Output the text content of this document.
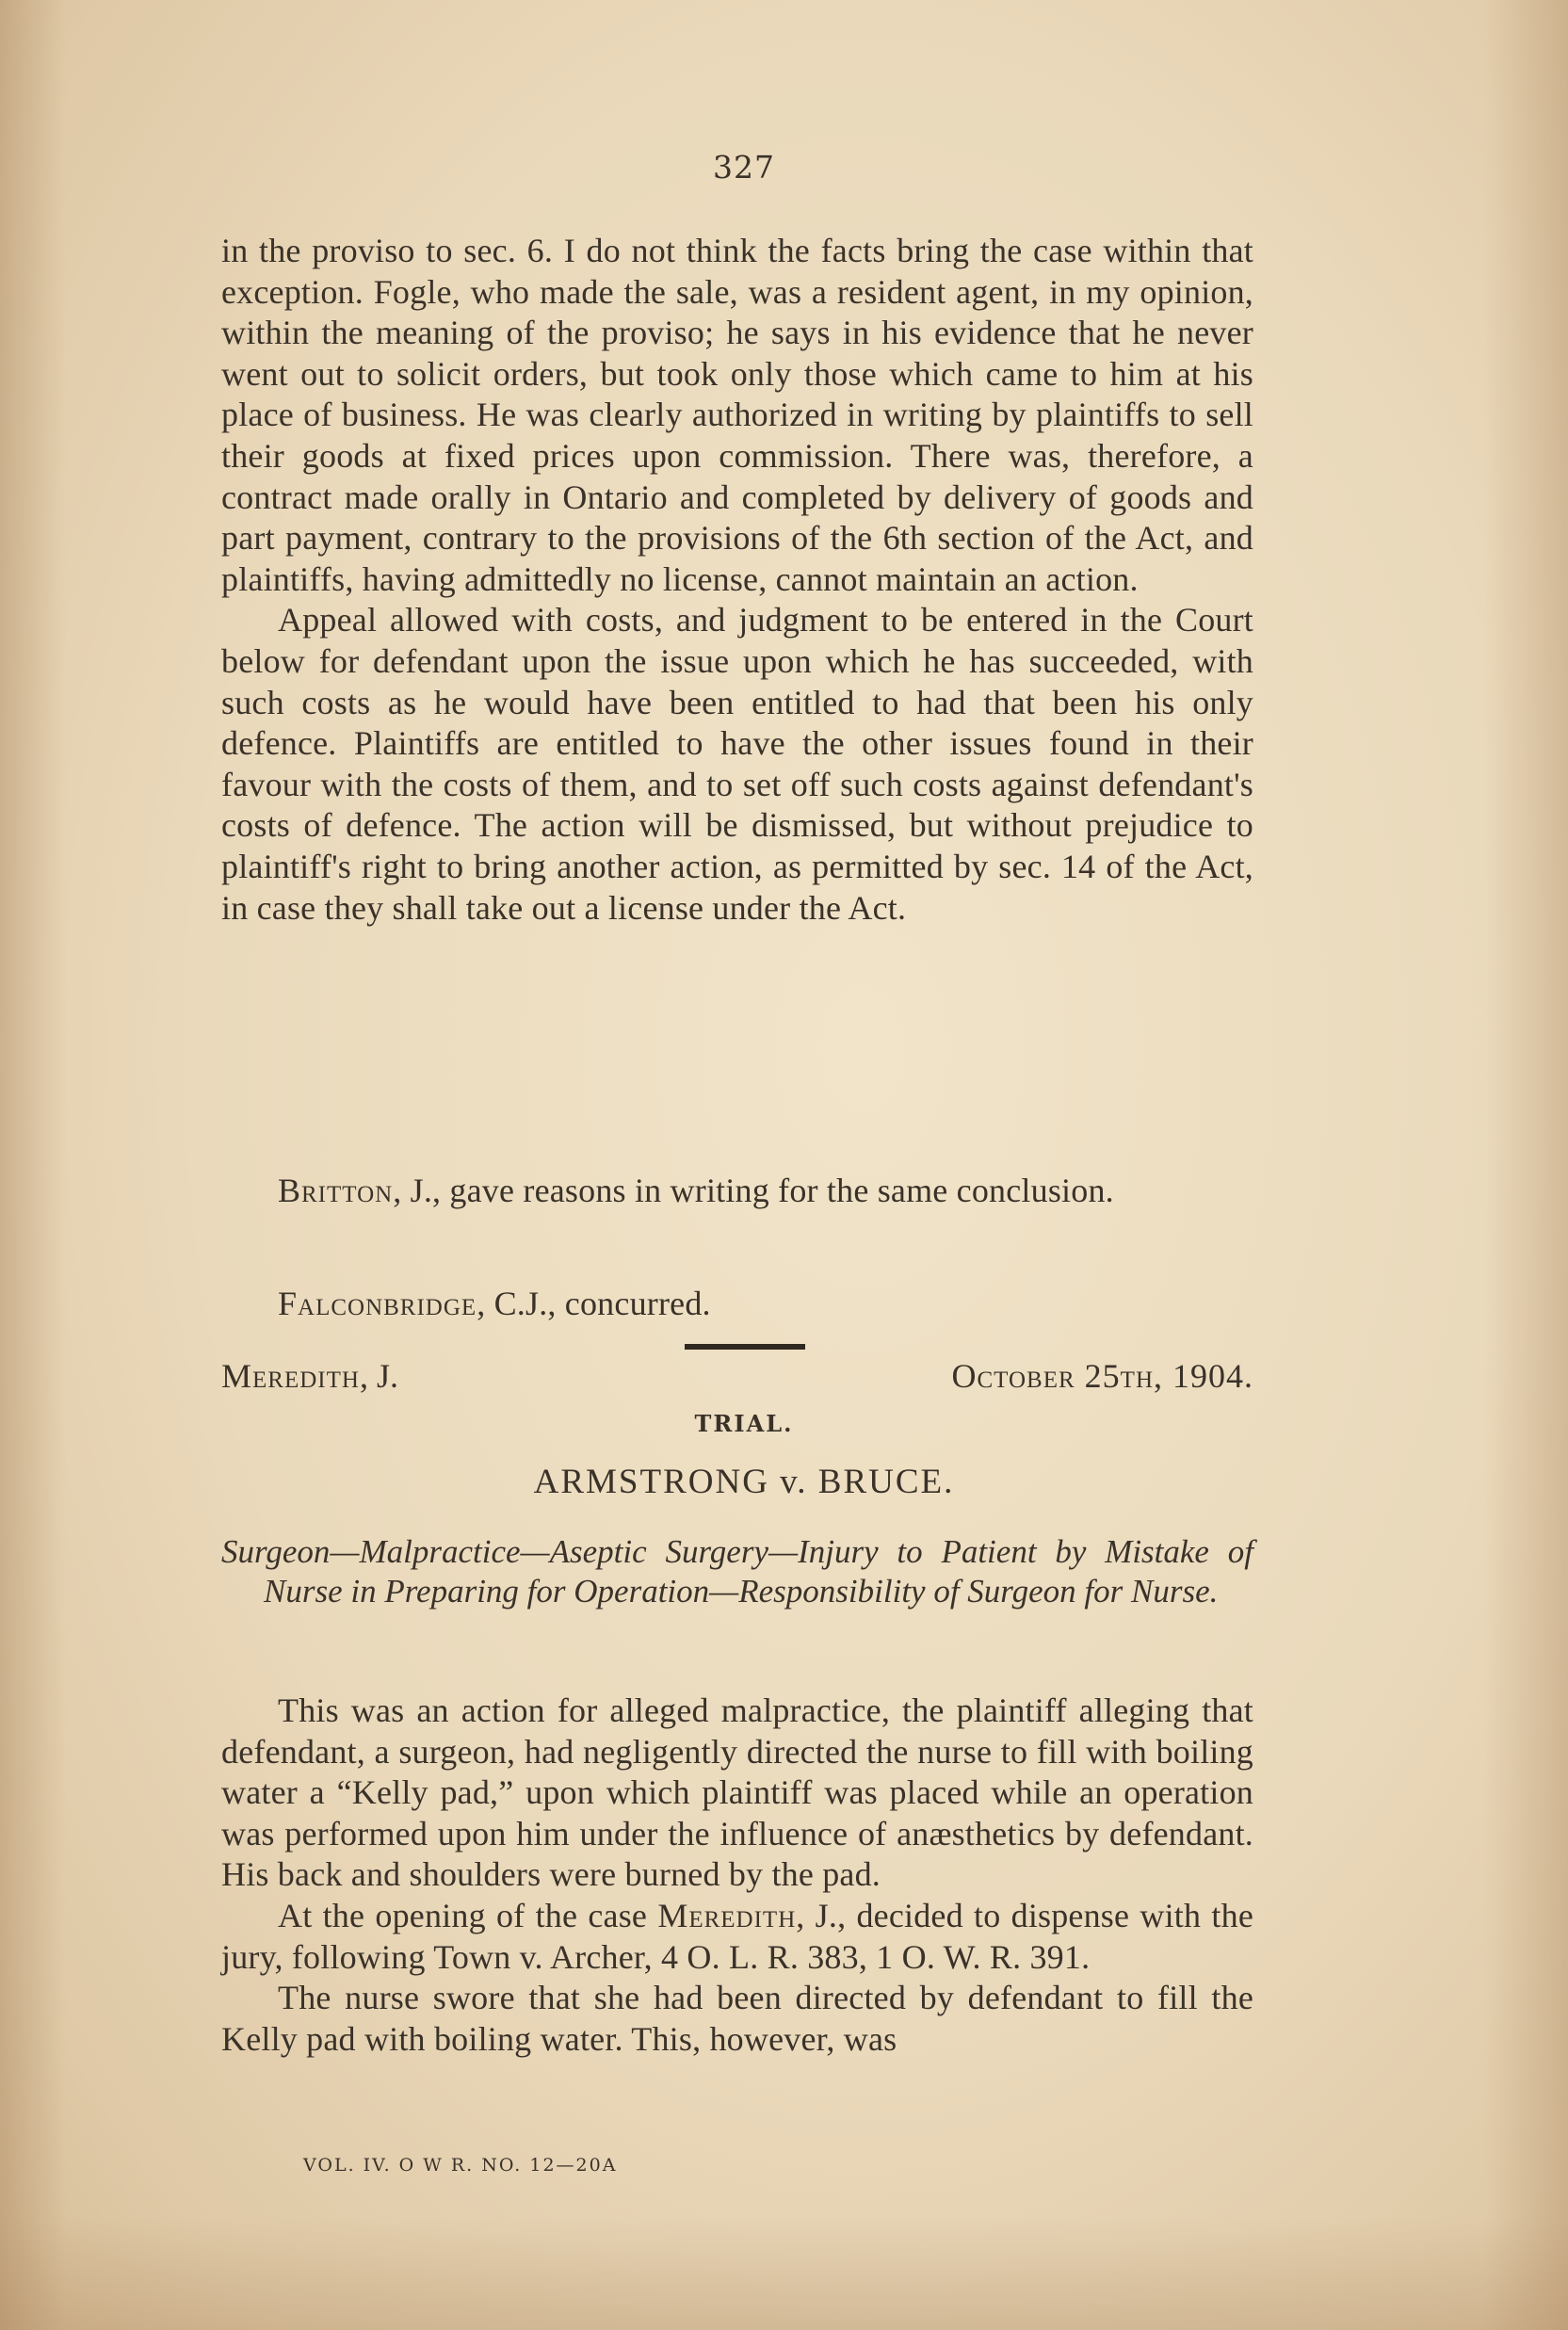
327

in the proviso to sec. 6. I do not think the facts bring the case within that exception. Fogle, who made the sale, was a resident agent, in my opinion, within the meaning of the proviso; he says in his evidence that he never went out to solicit orders, but took only those which came to him at his place of business. He was clearly authorized in writing by plaintiffs to sell their goods at fixed prices upon commission. There was, therefore, a contract made orally in Ontario and completed by delivery of goods and part payment, contrary to the provisions of the 6th section of the Act, and plaintiffs, having admittedly no license, cannot maintain an action.

Appeal allowed with costs, and judgment to be entered in the Court below for defendant upon the issue upon which he has succeeded, with such costs as he would have been entitled to had that been his only defence. Plaintiffs are entitled to have the other issues found in their favour with the costs of them, and to set off such costs against defendant's costs of defence. The action will be dismissed, but without prejudice to plaintiff's right to bring another action, as permitted by sec. 14 of the Act, in case they shall take out a license under the Act.

Britton, J., gave reasons in writing for the same conclusion.

Falconbridge, C.J., concurred.

Meredith, J.	October 25th, 1904.
TRIAL.
ARMSTRONG v. BRUCE.
Surgeon—Malpractice—Aseptic Surgery—Injury to Patient by Mistake of Nurse in Preparing for Operation—Responsibility of Surgeon for Nurse.

This was an action for alleged malpractice, the plaintiff alleging that defendant, a surgeon, had negligently directed the nurse to fill with boiling water a “Kelly pad,” upon which plaintiff was placed while an operation was performed upon him under the influence of anæsthetics by defendant. His back and shoulders were burned by the pad.

At the opening of the case Meredith, J., decided to dispense with the jury, following Town v. Archer, 4 O. L. R. 383, 1 O. W. R. 391.

The nurse swore that she had been directed by defendant to fill the Kelly pad with boiling water. This, however, was

VOL. IV. O W R. NO. 12—20A
